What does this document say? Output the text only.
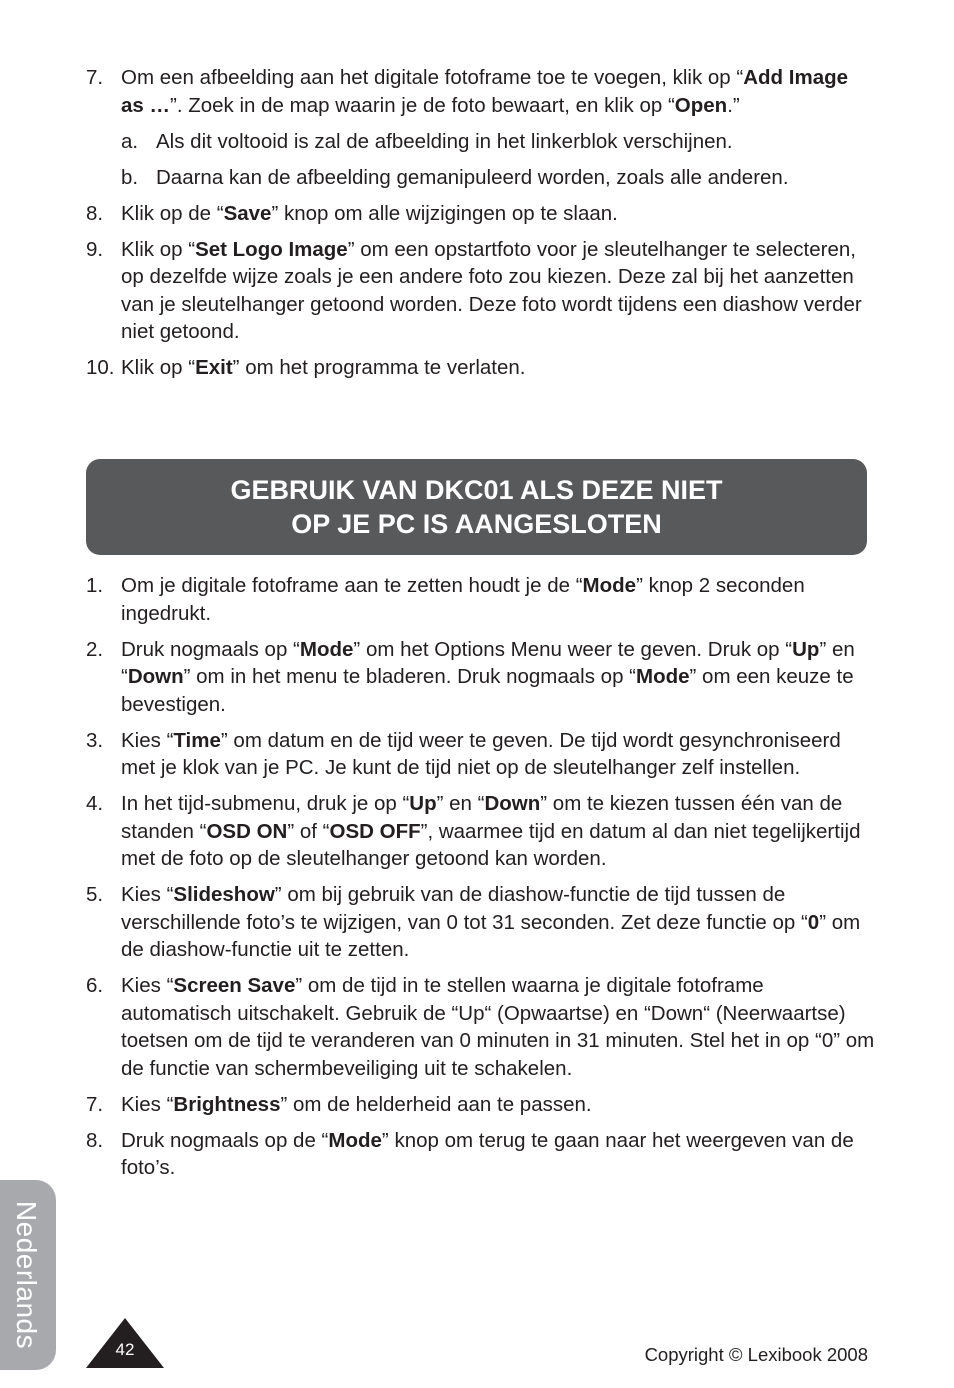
7. Om een afbeelding aan het digitale fotoframe toe te voegen, klik op “Add Image as …”. Zoek in de map waarin je de foto bewaart, en klik op “Open.”
a. Als dit voltooid is zal de afbeelding in het linkerblok verschijnen.
b. Daarna kan de afbeelding gemanipuleerd worden, zoals alle anderen.
8. Klik op de “Save” knop om alle wijzigingen op te slaan.
9. Klik op “Set Logo Image” om een opstartfoto voor je sleutelhanger te selecteren, op dezelfde wijze zoals je een andere foto zou kiezen. Deze zal bij het aanzetten van je sleutelhanger getoond worden. Deze foto wordt tijdens een diashow verder niet getoond.
10. Klik op “Exit” om het programma te verlaten.
GEBRUIK VAN DKC01 ALS DEZE NIET
OP JE PC IS AANGESLOTEN
1. Om je digitale fotoframe aan te zetten houdt je de “Mode” knop 2 seconden ingedrukt.
2. Druk nogmaals op “Mode” om het Options Menu weer te geven. Druk op “Up” en “Down” om in het menu te bladeren. Druk nogmaals op “Mode” om een keuze te bevestigen.
3. Kies “Time” om datum en de tijd weer te geven. De tijd wordt gesynchroniseerd met je klok van je PC. Je kunt de tijd niet op de sleutelhanger zelf instellen.
4. In het tijd-submenu, druk je op “Up” en “Down” om te kiezen tussen één van de standen “OSD ON” of “OSD OFF”, waarmee tijd en datum al dan niet tegelijkertijd met de foto op de sleutelhanger getoond kan worden.
5. Kies “Slideshow” om bij gebruik van de diashow-functie de tijd tussen de verschillende foto’s te wijzigen, van 0 tot 31 seconden. Zet deze functie op “0” om de diashow-functie uit te zetten.
6. Kies “Screen Save” om de tijd in te stellen waarna je digitale fotoframe automatisch uitschakelt. Gebruik de “Up“ (Opwaartse) en “Down“ (Neerwaartse) toetsen om de tijd te veranderen van 0 minuten in 31 minuten. Stel het in op “0” om de functie van schermbeveiliging uit te schakelen.
7. Kies “Brightness” om de helderheid aan te passen.
8. Druk nogmaals op de “Mode” knop om terug te gaan naar het weergeven van de foto’s.
Nederlands
42	Copyright © Lexibook 2008
